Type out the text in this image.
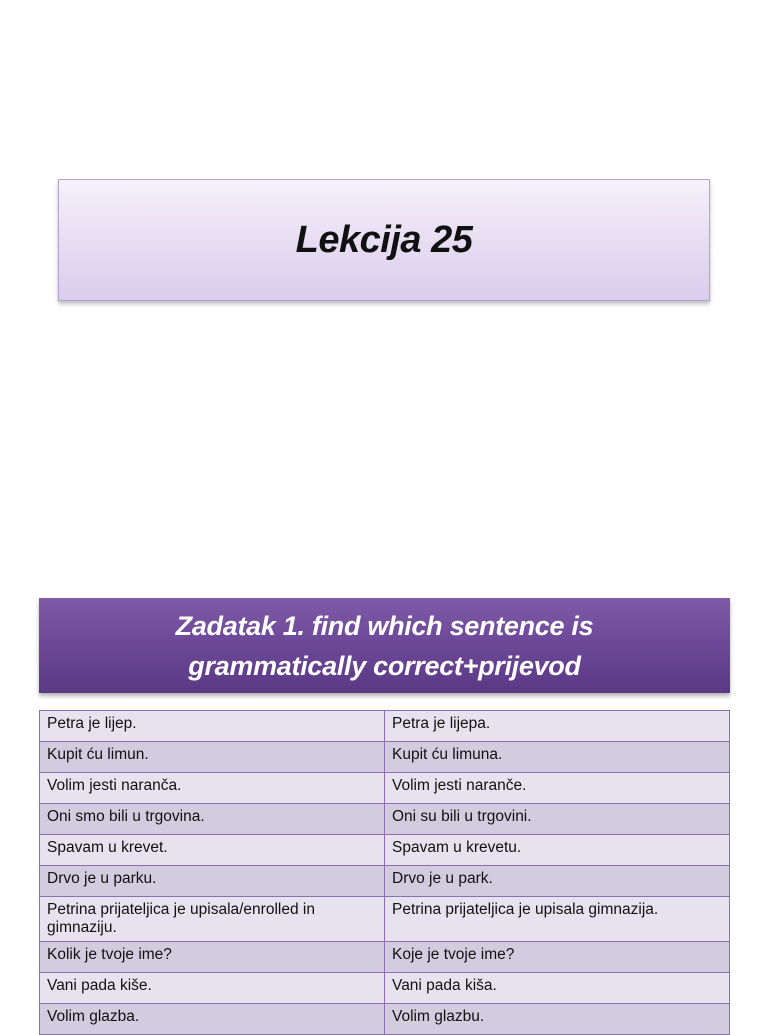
Lekcija 25
Zadatak 1. find which sentence is
grammatically correct+prijevod
Petra je lijep.	Petra je lijepa.
Kupit ću limun.	Kupit ću limuna.
Volim jesti naranča.	Volim jesti naranče.
Oni smo bili u trgovina.	Oni su bili u trgovini.
Spavam u krevet.	Spavam u krevetu.
Drvo je u parku.	Drvo je u park.
Petrina prijateljica je upisala/enrolled in gimnaziju.	Petrina prijateljica je upisala gimnazija.
Kolik je tvoje ime?	Koje je tvoje ime?
Vani pada kiše.	Vani pada kiša.
Volim glazba.	Volim glazbu.
